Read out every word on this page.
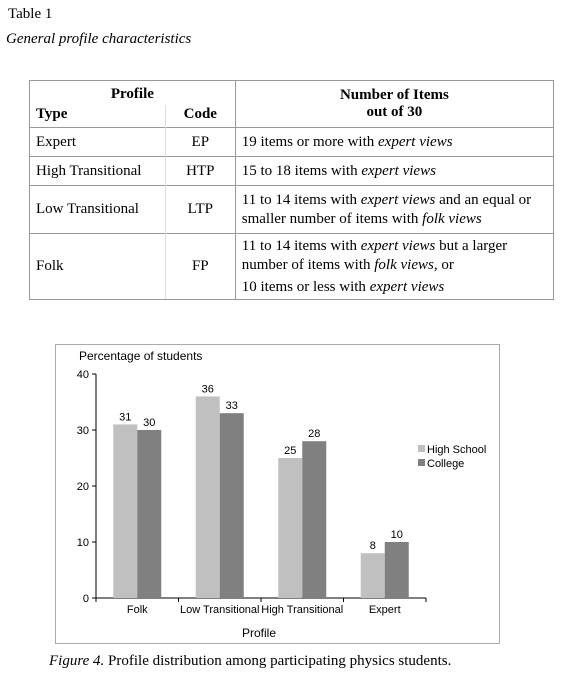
Table 1
General profile characteristics
Profile		Number of Items
out of 30

Type	Code	
Expert	EP	19 items or more with expert views

High Transitional	HTP	15 to 18 items with expert views

Low Transitional	LTP	11 to 14 items with expert views and an equal or smaller number of items with folk views

Folk	FP	11 to 14 items with expert views but a larger number of items with folk views, or
10 items or less with expert views
Percentage of students
0
10
20
30
40
31 30
Folk
36
33
Low Transitional
25
28
High Transitional
8
10
Expert
Profile
High School
College
Figure 4. Profile distribution among participating physics students.
